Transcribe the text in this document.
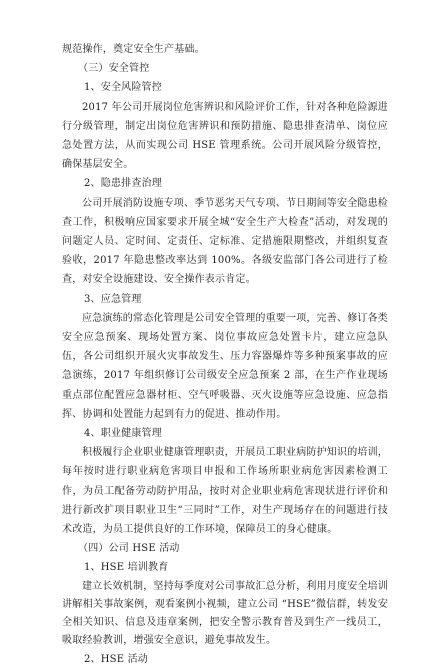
规范操作，奠定安全生产基础。

（三）安全管控

1、安全风险管控

2017 年公司开展岗位危害辨识和风险评价工作，针对各种危险源进行分级管理，制定出岗位危害辨识和预防措施、隐患排查清单、岗位应急处置方法，从而实现公司 HSE 管理系统。公司开展风险分级管控，确保基层安全。

2、隐患排查治理

公司开展消防设施专项、季节恶劣天气专项、节日期间等安全隐患检查工作，积极响应国家要求开展全城“安全生产大检查”活动，对发现的问题定人员、定时间、定责任、定标准、定措施限期整改，并组织复查验收，2017 年隐患整改率达到 100%。各级安监部门各公司进行了检查，对安全设施建设、安全操作表示肯定。

3、应急管理

应急演练的常态化管理是公司安全管理的重要一项，完善、修订各类安全应急预案、现场处置方案、岗位事故应急处置卡片，建立应急队伍，各公司组织开展火灾事故发生、压力容器爆炸等多种预案事故的应急演练，2017 年组织修订公司级安全应急预案 2 部，在生产作业现场重点部位配置应急器材柜、空气呼吸器、灭火设施等应急设施、应急指挥、协调和处置能力起到有力的促进、推动作用。

4、职业健康管理

积极履行企业职业健康管理职责，开展员工职业病防护知识的培训，每年按时进行职业病危害项目申报和工作场所职业病危害因素检测工作，为员工配备劳动防护用品，按时对企业职业病危害现状进行评价和进行新改扩项目职业卫生“三同时”工作，对生产现场存在的问题进行技术改造，为员工提供良好的工作环境，保障员工的身心健康。

（四）公司 HSE 活动

1、HSE 培训教育

建立长效机制，坚持每季度对公司事故汇总分析，利用月度安全培训讲解相关事故案例，观看案例小视频，建立公司 “HSE”微信群，转发安全相关知识、信息及违章案例，把安全警示教育普及到生产一线员工，吸取经验教训，增强安全意识，避免事故发生。

2、HSE 活动
